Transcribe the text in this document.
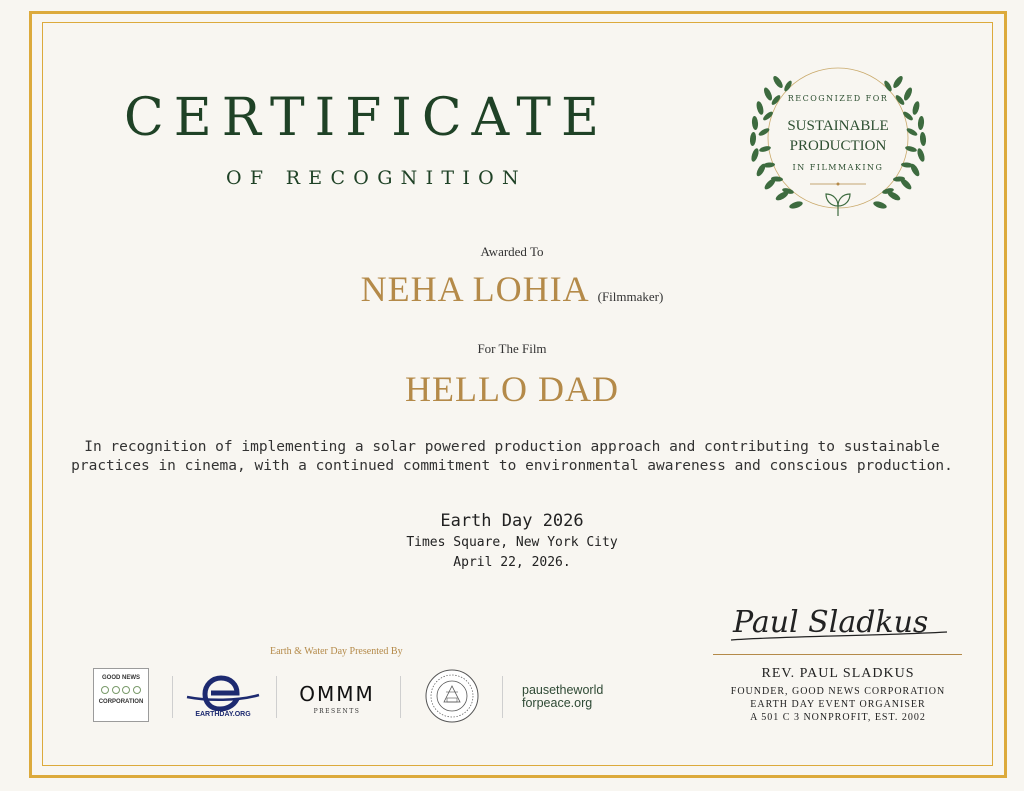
CERTIFICATE
OF RECOGNITION
RECOGNIZED FOR
SUSTAINABLE
PRODUCTION
IN FILMMAKING
Awarded To
NEHA LOHIA (Filmmaker)
For The Film
HELLO DAD
In recognition of implementing a solar powered production approach and contributing to sustainable
practices in cinema, with a continued commitment to environmental awareness and conscious production.
Earth Day 2026
Times Square, New York City
April 22, 2026.
Earth & Water Day Presented By
GOOD NEWS
CORPORATION
EARTHDAY.ORG
OMMM
PRESENTS
pausetheworld
forpeace.org
Paul Sladkus
REV. PAUL SLADKUS
FOUNDER, GOOD NEWS CORPORATION
EARTH DAY EVENT ORGANISER
A 501 C 3 NONPROFIT, EST. 2002
